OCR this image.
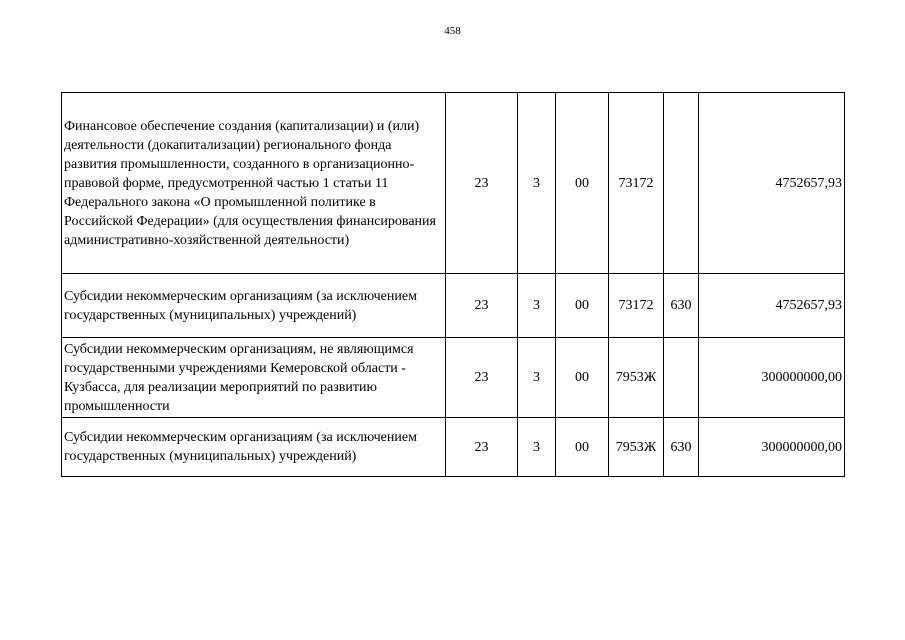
458
Финансовое обеспечение создания (капитализации) и (или) деятельности (докапитализации) регионального фонда развития промышленности, созданного в организационно-правовой форме, предусмотренной частью 1 статьи 11 Федерального закона «О промышленной политике в Российской Федерации» (для осуществления финансирования административно-хозяйственной деятельности)	23	3	00	73172		4752657,93

Субсидии некоммерческим организациям (за исключением государственных (муниципальных) учреждений)	23	3	00	73172	630	4752657,93

Субсидии некоммерческим организациям, не являющимся государственными учреждениями Кемеровской области - Кузбасса, для реализации мероприятий по развитию промышленности	23	3	00	7953Ж		300000000,00

Субсидии некоммерческим организациям (за исключением государственных (муниципальных) учреждений)	23	3	00	7953Ж	630	300000000,00
